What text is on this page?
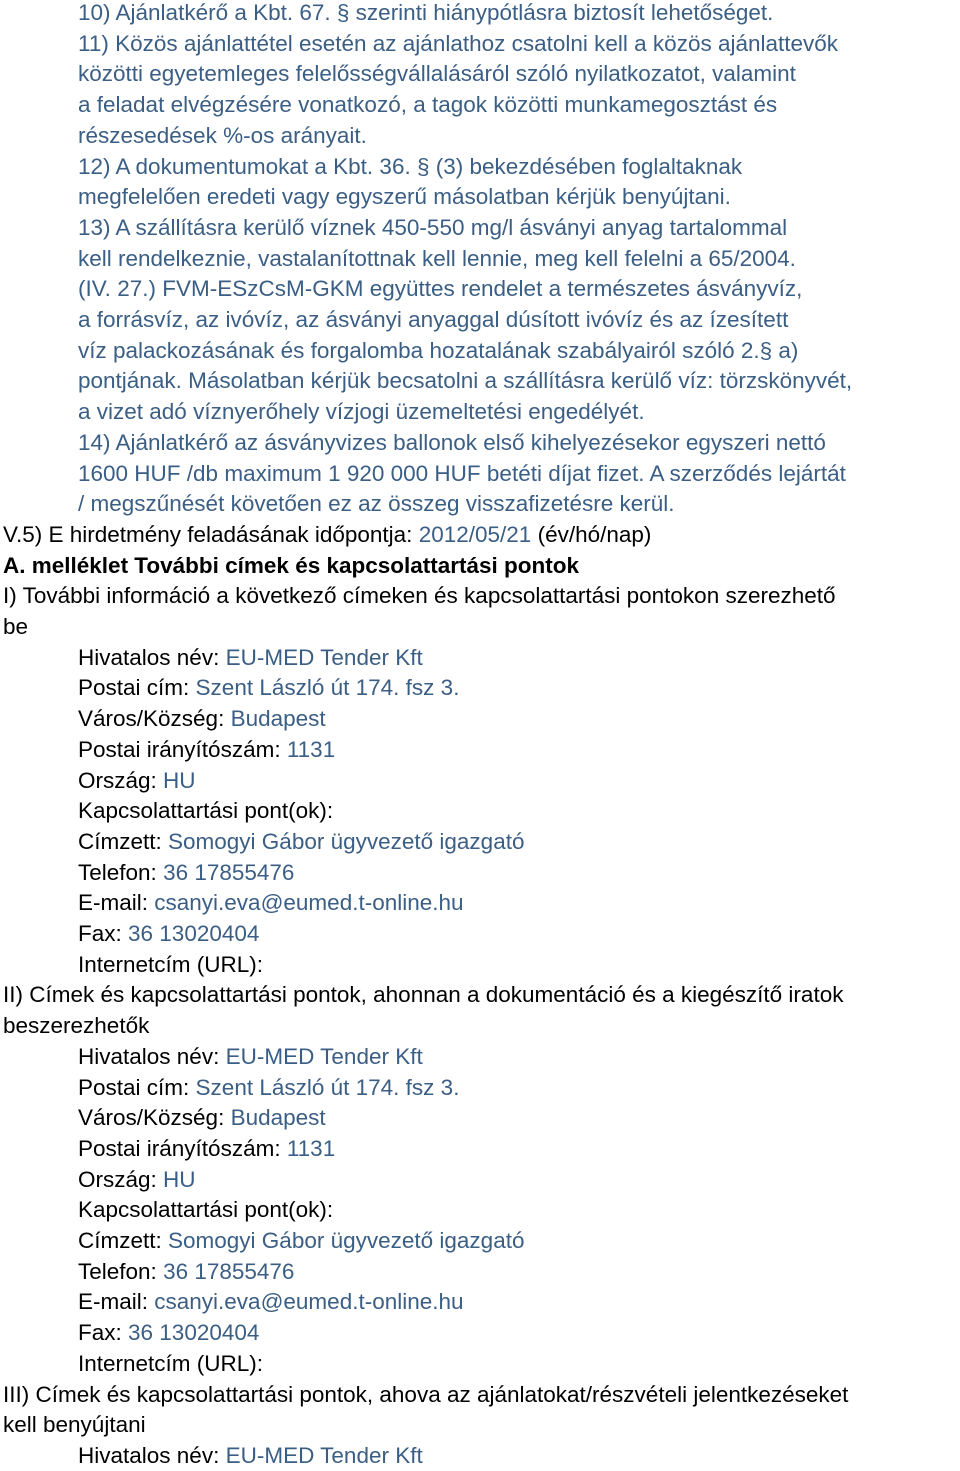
10) Ajánlatkérő a Kbt. 67. § szerinti hiánypótlásra biztosít lehetőséget.
11) Közös ajánlattétel esetén az ajánlathoz csatolni kell a közös ajánlattevők
közötti egyetemleges felelősségvállalásáról szóló nyilatkozatot, valamint
a feladat elvégzésére vonatkozó, a tagok közötti munkamegosztást és
részesedések %-os arányait.
12) A dokumentumokat a Kbt. 36. § (3) bekezdésében foglaltaknak
megfelelően eredeti vagy egyszerű másolatban kérjük benyújtani.
13) A szállításra kerülő víznek 450-550 mg/l ásványi anyag tartalommal
kell rendelkeznie, vastalanítottnak kell lennie, meg kell felelni a 65/2004.
(IV. 27.) FVM-ESzCsM-GKM együttes rendelet a természetes ásványvíz,
a forrásvíz, az ivóvíz, az ásványi anyaggal dúsított ivóvíz és az ízesített
víz palackozásának és forgalomba hozatalának szabályairól szóló 2.§ a)
pontjának. Másolatban kérjük becsatolni a szállításra kerülő víz: törzskönyvét,
a vizet adó víznyerőhely vízjogi üzemeltetési engedélyét.
14) Ajánlatkérő az ásványvizes ballonok első kihelyezésekor egyszeri nettó
1600 HUF /db maximum 1 920 000 HUF betéti díjat fizet. A szerződés lejártát
/ megszűnését követően ez az összeg visszafizetésre kerül.
V.5) E hirdetmény feladásának időpontja: 2012/05/21 (év/hó/nap)
A. melléklet További címek és kapcsolattartási pontok
I) További információ a következő címeken és kapcsolattartási pontokon szerezhető
be
Hivatalos név: EU-MED Tender Kft
Postai cím: Szent László út 174. fsz 3.
Város/Község: Budapest
Postai irányítószám: 1131
Ország: HU
Kapcsolattartási pont(ok):
Címzett: Somogyi Gábor ügyvezető igazgató
Telefon: 36 17855476
E-mail: csanyi.eva@eumed.t-online.hu
Fax: 36 13020404
Internetcím (URL):
II) Címek és kapcsolattartási pontok, ahonnan a dokumentáció és a kiegészítő iratok
beszerezhetők
Hivatalos név: EU-MED Tender Kft
Postai cím: Szent László út 174. fsz 3.
Város/Község: Budapest
Postai irányítószám: 1131
Ország: HU
Kapcsolattartási pont(ok):
Címzett: Somogyi Gábor ügyvezető igazgató
Telefon: 36 17855476
E-mail: csanyi.eva@eumed.t-online.hu
Fax: 36 13020404
Internetcím (URL):
III) Címek és kapcsolattartási pontok, ahova az ajánlatokat/részvételi jelentkezéseket
kell benyújtani
Hivatalos név: EU-MED Tender Kft
